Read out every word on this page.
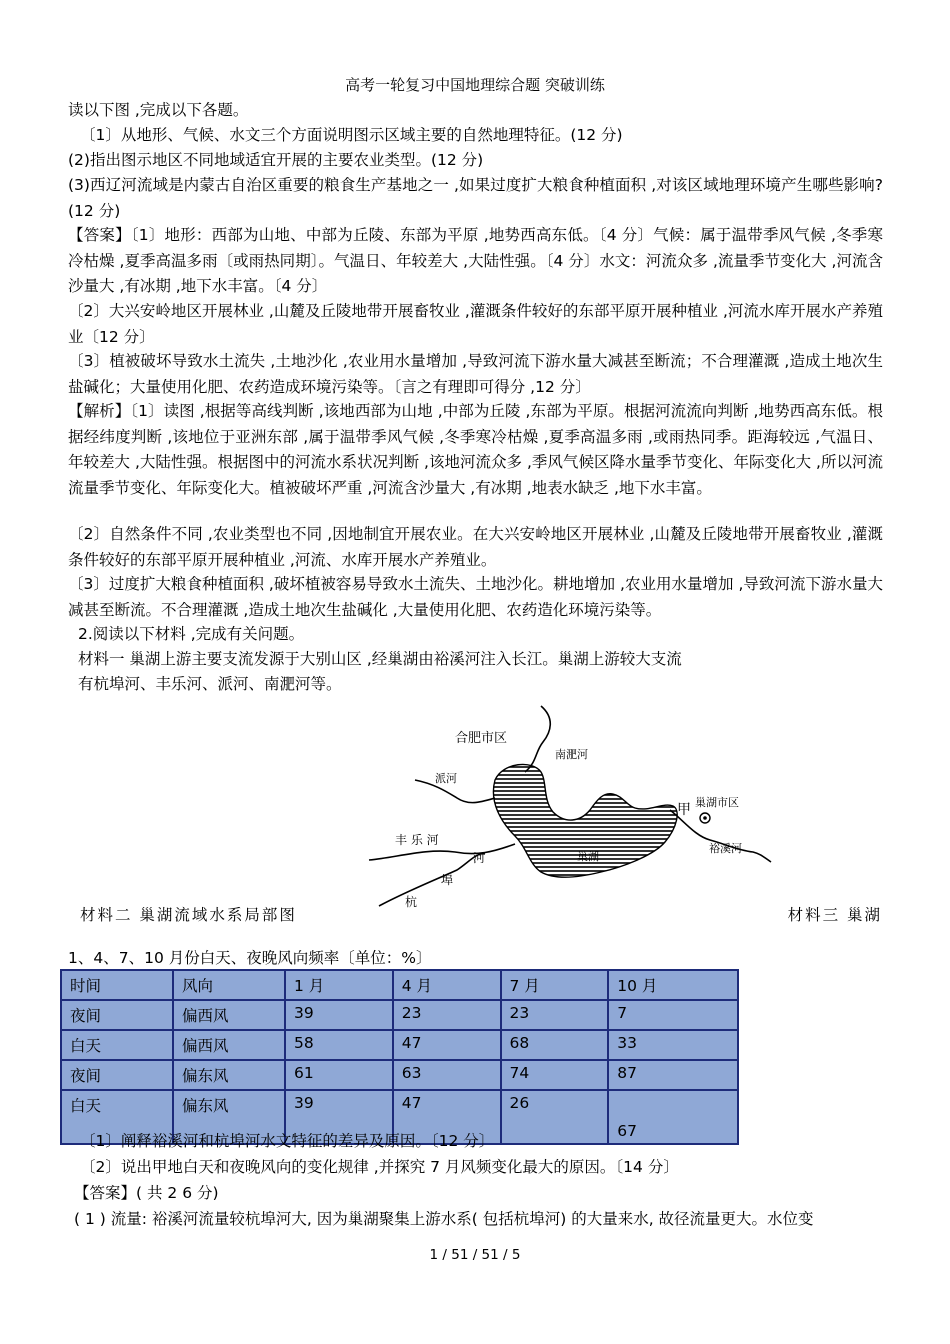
高考一轮复习中国地理综合题 突破训练
读以下图 ,完成以下各题。
〔1〕从地形、气候、水文三个方面说明图示区域主要的自然地理特征。(12 分)
(2)指出图示地区不同地域适宜开展的主要农业类型。(12 分)
(3)西辽河流域是内蒙古自治区重要的粮食生产基地之一 ,如果过度扩大粮食种植面积 ,对该区域地理环境产生哪些影响?(12 分)
【答案】〔1〕地形：西部为山地、中部为丘陵、东部为平原 ,地势西高东低。〔4 分〕气候：属于温带季风气候 ,冬季寒冷枯燥 ,夏季高温多雨〔或雨热同期〕。气温日、年较差大 ,大陆性强。〔4 分〕水文：河流众多 ,流量季节变化大 ,河流含沙量大 ,有冰期 ,地下水丰富。〔4 分〕
〔2〕大兴安岭地区开展林业 ,山麓及丘陵地带开展畜牧业 ,灌溉条件较好的东部平原开展种植业 ,河流水库开展水产养殖业〔12 分〕
〔3〕植被破坏导致水土流失 ,土地沙化 ,农业用水量增加 ,导致河流下游水量大减甚至断流；不合理灌溉 ,造成土地次生盐碱化；大量使用化肥、农药造成环境污染等。〔言之有理即可得分 ,12 分〕
【解析】〔1〕读图 ,根据等高线判断 ,该地西部为山地 ,中部为丘陵 ,东部为平原。根据河流流向判断 ,地势西高东低。根据经纬度判断 ,该地位于亚洲东部 ,属于温带季风气候 ,冬季寒冷枯燥 ,夏季高温多雨 ,或雨热同季。距海较远 ,气温日、年较差大 ,大陆性强。根据图中的河流水系状况判断 ,该地河流众多 ,季风气候区降水量季节变化、年际变化大 ,所以河流流量季节变化、年际变化大。植被破坏严重 ,河流含沙量大 ,有冰期 ,地表水缺乏 ,地下水丰富。
〔2〕自然条件不同 ,农业类型也不同 ,因地制宜开展农业。在大兴安岭地区开展林业 ,山麓及丘陵地带开展畜牧业 ,灌溉条件较好的东部平原开展种植业 ,河流、水库开展水产养殖业。
〔3〕过度扩大粮食种植面积 ,破坏植被容易导致水土流失、土地沙化。耕地增加 ,农业用水量增加 ,导致河流下游水量大减甚至断流。不合理灌溉 ,造成土地次生盐碱化 ,大量使用化肥、农药造化环境污染等。
2.阅读以下材料 ,完成有关问题。
材料一 巢湖上游主要支流发源于大别山区 ,经巢湖由裕溪河注入长江。巢湖上游较大支流
有杭埠河、丰乐河、派河、南淝河等。
合肥市区
南淝河
派河
河
丰 乐 河
埠
杭
甲 巢湖市区
巢湖
裕溪河
材料二 巢湖流域水系局部图	材料三 巢湖
1、4、7、10 月份白天、夜晚风向频率〔单位：%〕
时间	风向	1 月	4 月	7 月	10 月
夜间	偏西风	39	23	23	7
白天	偏西风	58	47	68	33
夜间	偏东风	61	63	74	87
白天	偏东风	39	47	26	67
〔1〕阐释裕溪河和杭埠河水文特征的差异及原因。〔12 分〕
〔2〕说出甲地白天和夜晚风向的变化规律 ,并探究 7 月风频变化最大的原因。〔14 分〕
【答案】( 共 2 6 分)
( 1 ) 流量: 裕溪河流量较杭埠河大, 因为巢湖聚集上游水系( 包括杭埠河) 的大量来水, 故径流量更大。水位变
1 / 51 / 51 / 5
